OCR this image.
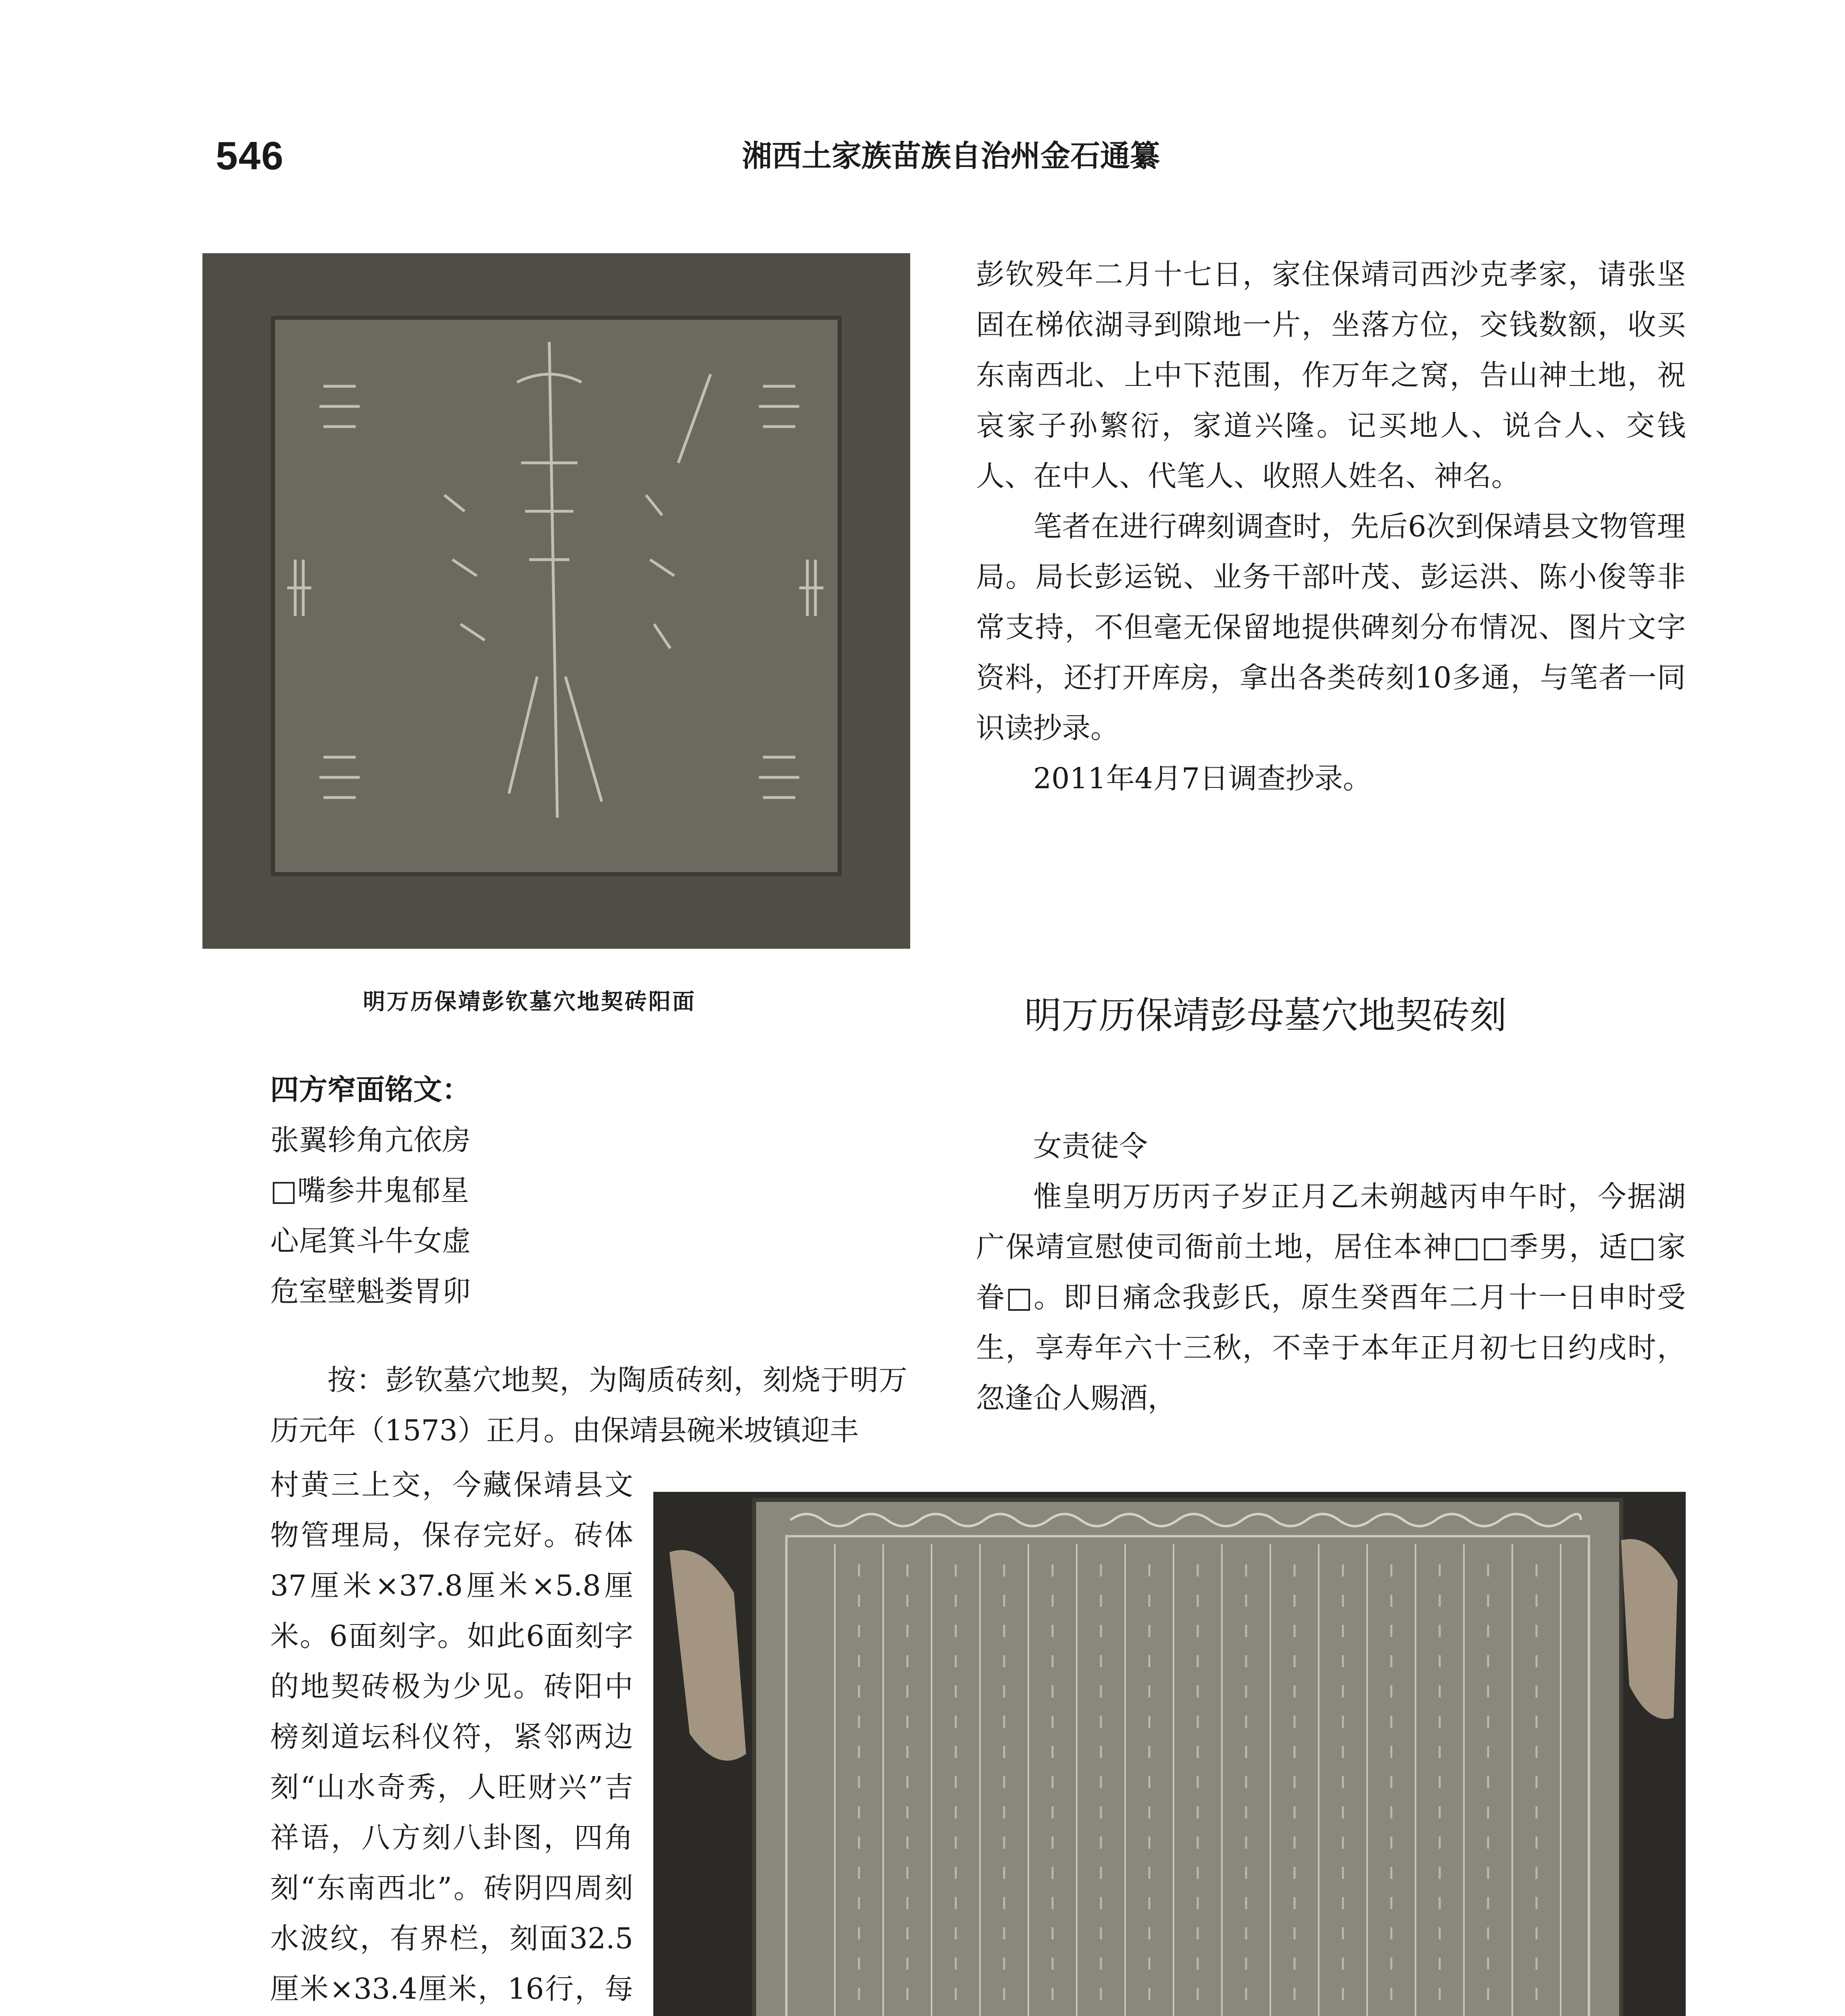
546	湘西土家族苗族自治州金石通纂
明万历保靖彭钦墓穴地契砖阳面

彭钦殁年二月十七日，家住保靖司西沙克孝家，请张坚固在梯依湖寻到隙地一片，坐落方位，交钱数额，收买东南西北、上中下范围，作万年之窝，告山神土地，祝哀家子孙繁衍，家道兴隆。记买地人、说合人、交钱人、在中人、代笔人、收照人姓名、神名。

笔者在进行碑刻调查时，先后6次到保靖县文物管理局。局长彭运锐、业务干部叶茂、彭运洪、陈小俊等非常支持，不但毫无保留地提供碑刻分布情况、图片文字资料，还打开库房，拿出各类砖刻10多通，与笔者一同识读抄录。

2011年4月7日调查抄录。

明万历保靖彭母墓穴地契砖刻
四方窄面铭文：
张翼轸角亢依房
□嘴参井鬼郁星
心尾箕斗牛女虚
危室壁魁娄胃卯

按：彭钦墓穴地契，为陶质砖刻，刻烧于明万历元年（1573）正月。由保靖县碗米坡镇迎丰

村黄三上交，今藏保靖县文物管理局，保存完好。砖体37厘米×37.8厘米×5.8厘米。6面刻字。如此6面刻字的地契砖极为少见。砖阳中榜刻道坛科仪符，紧邻两边刻“山水奇秀，人旺财兴”吉祥语，八方刻八卦图，四角刻“东南西北”。砖阴四周刻水波纹，有界栏，刻面32.5厘米×33.4厘米，16行，每

女责徒令

惟皇明万历丙子岁正月乙未朔越丙申午时，今据湖广保靖宣慰使司衙前土地，居住本神□□季男，适□家眷□。即日痛念我彭氏，原生癸酉年二月十一日申时受生，享寿年六十三秋，不幸于本年正月初七日约戌时，忽逢仚人赐酒，
